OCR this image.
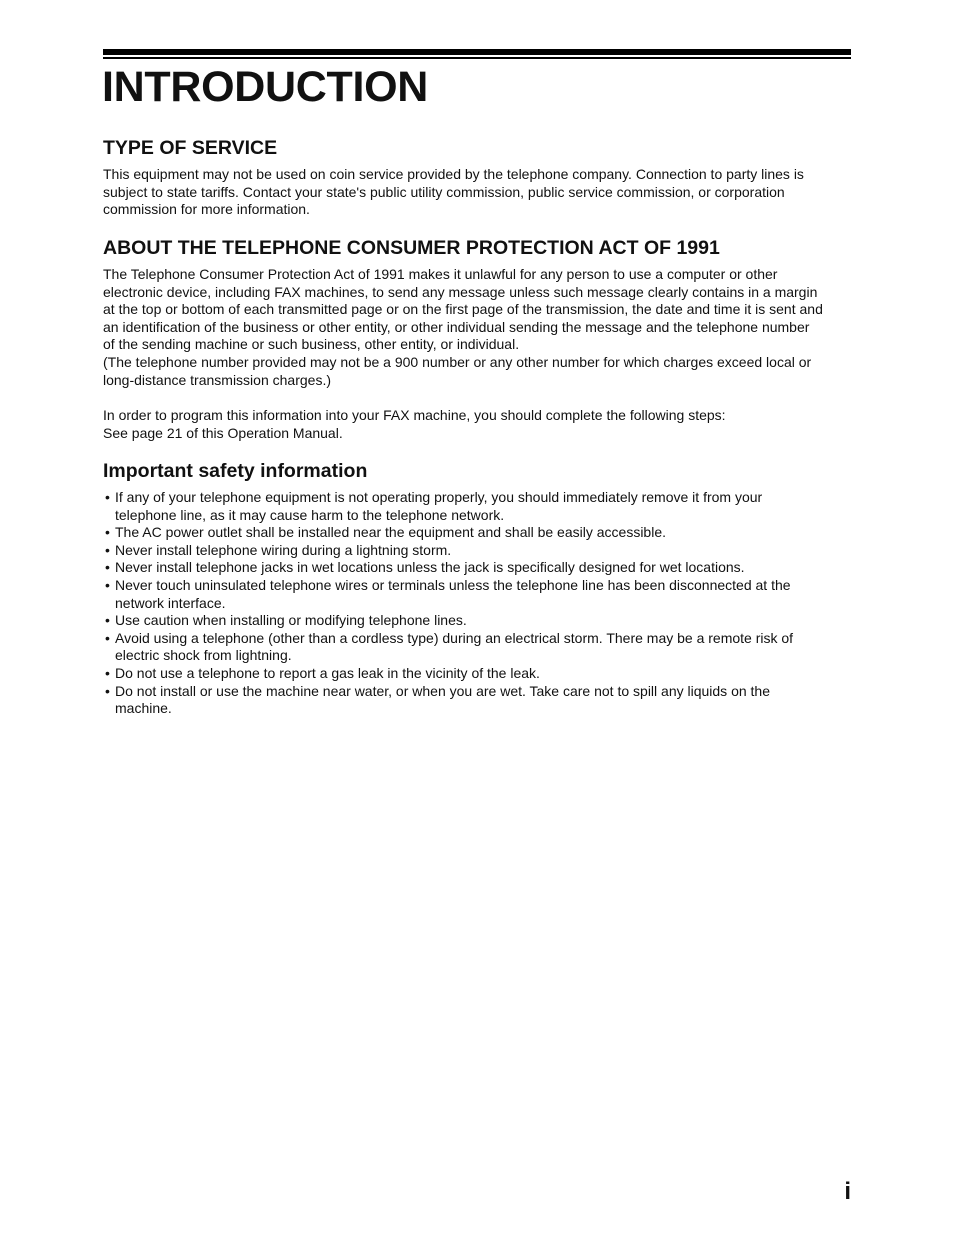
INTRODUCTION
TYPE OF SERVICE

This equipment may not be used on coin service provided by the telephone company. Connection to party lines is
subject to state tariffs. Contact your state's public utility commission, public service commission, or corporation
commission for more information.

ABOUT THE TELEPHONE CONSUMER PROTECTION ACT OF 1991

The Telephone Consumer Protection Act of 1991 makes it unlawful for any person to use a computer or other
electronic device, including FAX machines, to send any message unless such message clearly contains in a margin
at the top or bottom of each transmitted page or on the first page of the transmission, the date and time it is sent and
an identification of the business or other entity, or other individual sending the message and the telephone number
of the sending machine or such business, other entity, or individual.
(The telephone number provided may not be a 900 number or any other number for which charges exceed local or
long-distance transmission charges.)

In order to program this information into your FAX machine, you should complete the following steps:
See page 21 of this Operation Manual.

Important safety information
• If any of your telephone equipment is not operating properly, you should immediately remove it from your
telephone line, as it may cause harm to the telephone network.
• The AC power outlet shall be installed near the equipment and shall be easily accessible.
• Never install telephone wiring during a lightning storm.
• Never install telephone jacks in wet locations unless the jack is specifically designed for wet locations.
• Never touch uninsulated telephone wires or terminals unless the telephone line has been disconnected at the
network interface.
• Use caution when installing or modifying telephone lines.
• Avoid using a telephone (other than a cordless type) during an electrical storm. There may be a remote risk of
electric shock from lightning.
• Do not use a telephone to report a gas leak in the vicinity of the leak.
• Do not install or use the machine near water, or when you are wet. Take care not to spill any liquids on the
machine.

i
